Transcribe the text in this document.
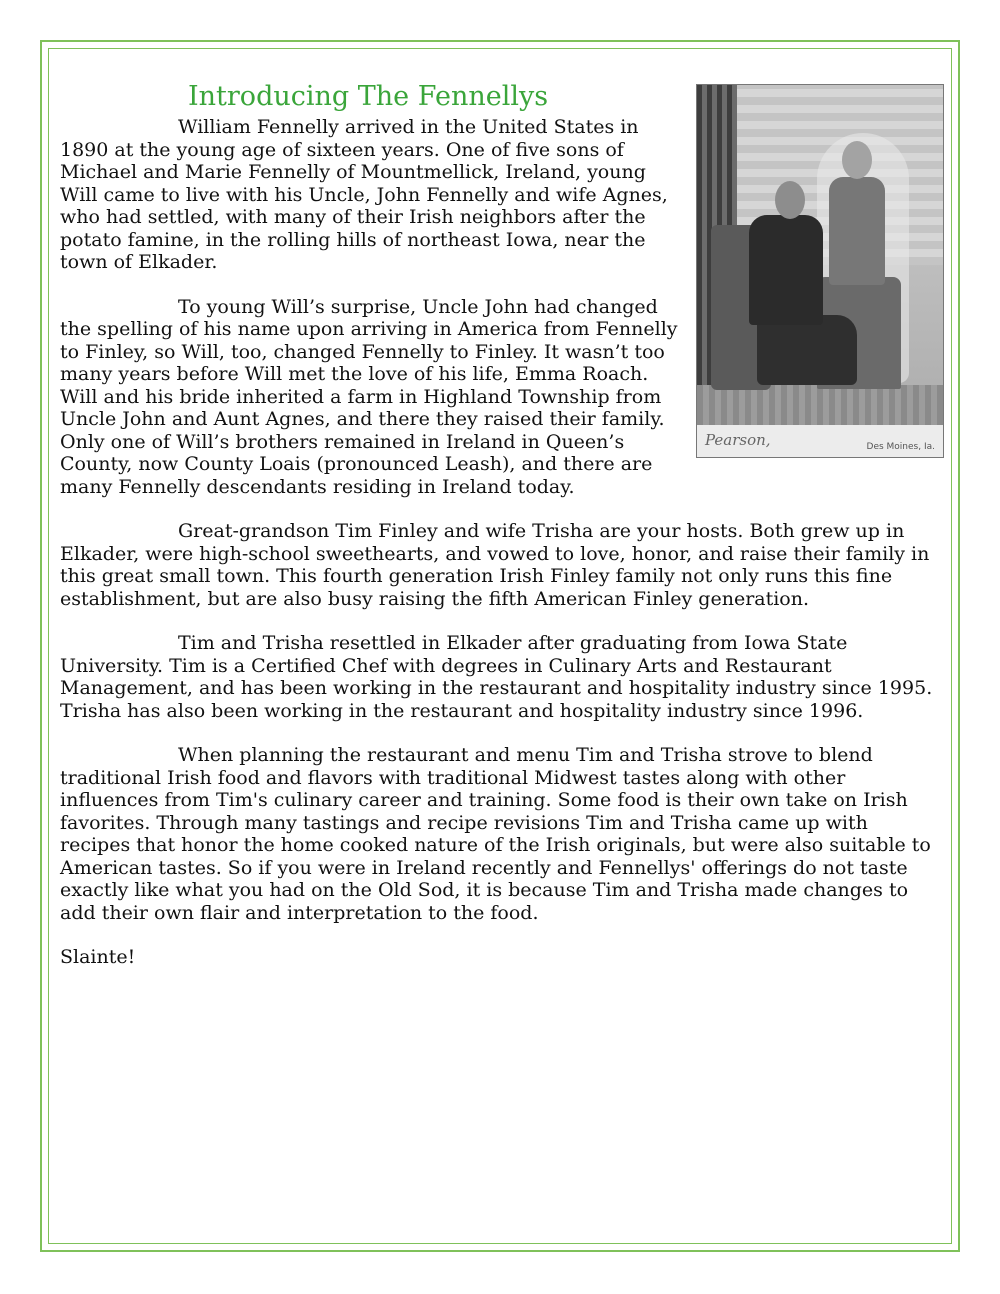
Introducing The Fennellys
Pearson,	Des Moines, Ia.

William Fennelly arrived in the United States in 1890 at the young age of sixteen years. One of five sons of Michael and Marie Fennelly of Mountmellick, Ireland, young Will came to live with his Uncle, John Fennelly and wife Agnes, who had settled, with many of their Irish neighbors after the potato famine, in the rolling hills of northeast Iowa, near the town of Elkader.

To young Will’s surprise, Uncle John had changed the spelling of his name upon arriving in America from Fennelly to Finley, so Will, too, changed Fennelly to Finley. It wasn’t too many years before Will met the love of his life, Emma Roach. Will and his bride inherited a farm in Highland Township from Uncle John and Aunt Agnes, and there they raised their family. Only one of Will’s brothers remained in Ireland in Queen’s County, now County Loais (pronounced Leash), and there are many Fennelly descendants residing in Ireland today.

Great-grandson Tim Finley and wife Trisha are your hosts. Both grew up in Elkader, were high-school sweethearts, and vowed to love, honor, and raise their family in this great small town. This fourth generation Irish Finley family not only runs this fine establishment, but are also busy raising the fifth American Finley generation.

Tim and Trisha resettled in Elkader after graduating from Iowa State University. Tim is a Certified Chef with degrees in Culinary Arts and Restaurant Management, and has been working in the restaurant and hospitality industry since 1995. Trisha has also been working in the restaurant and hospitality industry since 1996.

When planning the restaurant and menu Tim and Trisha strove to blend traditional Irish food and flavors with traditional Midwest tastes along with other influences from Tim's culinary career and training. Some food is their own take on Irish favorites. Through many tastings and recipe revisions Tim and Trisha came up with recipes that honor the home cooked nature of the Irish originals, but were also suitable to American tastes. So if you were in Ireland recently and Fennellys' offerings do not taste exactly like what you had on the Old Sod, it is because Tim and Trisha made changes to add their own flair and interpretation to the food.

Slainte!
